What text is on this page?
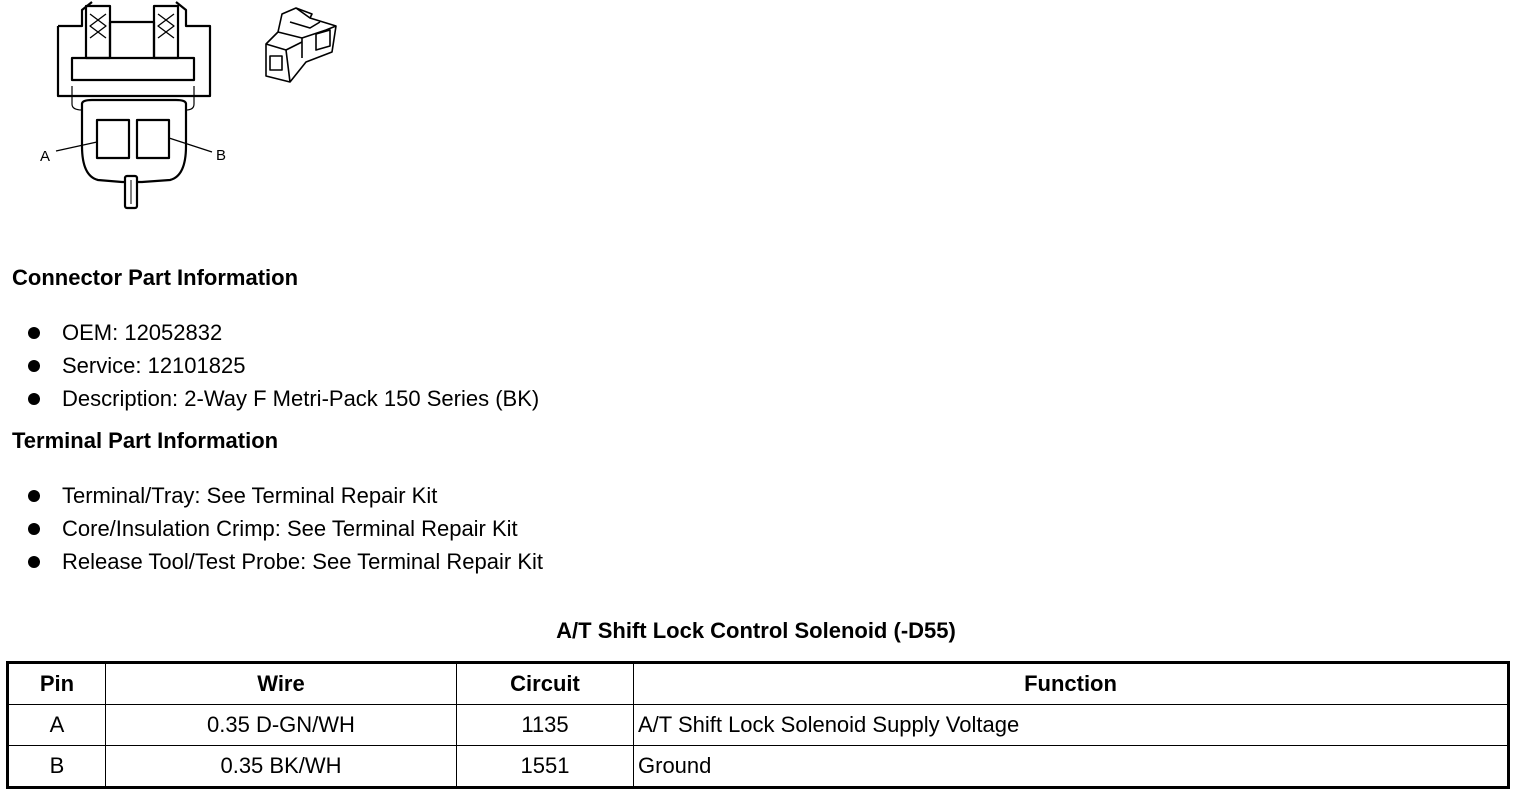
A	B
Connector Part Information
OEM: 12052832
Service: 12101825
Description: 2-Way F Metri-Pack 150 Series (BK)
Terminal Part Information
Terminal/Tray: See Terminal Repair Kit
Core/Insulation Crimp: See Terminal Repair Kit
Release Tool/Test Probe: See Terminal Repair Kit
A/T Shift Lock Control Solenoid (-D55)
Pin	Wire	Circuit	Function
A	0.35 D-GN/WH	1135	A/T Shift Lock Solenoid Supply Voltage
B	0.35 BK/WH	1551	Ground
